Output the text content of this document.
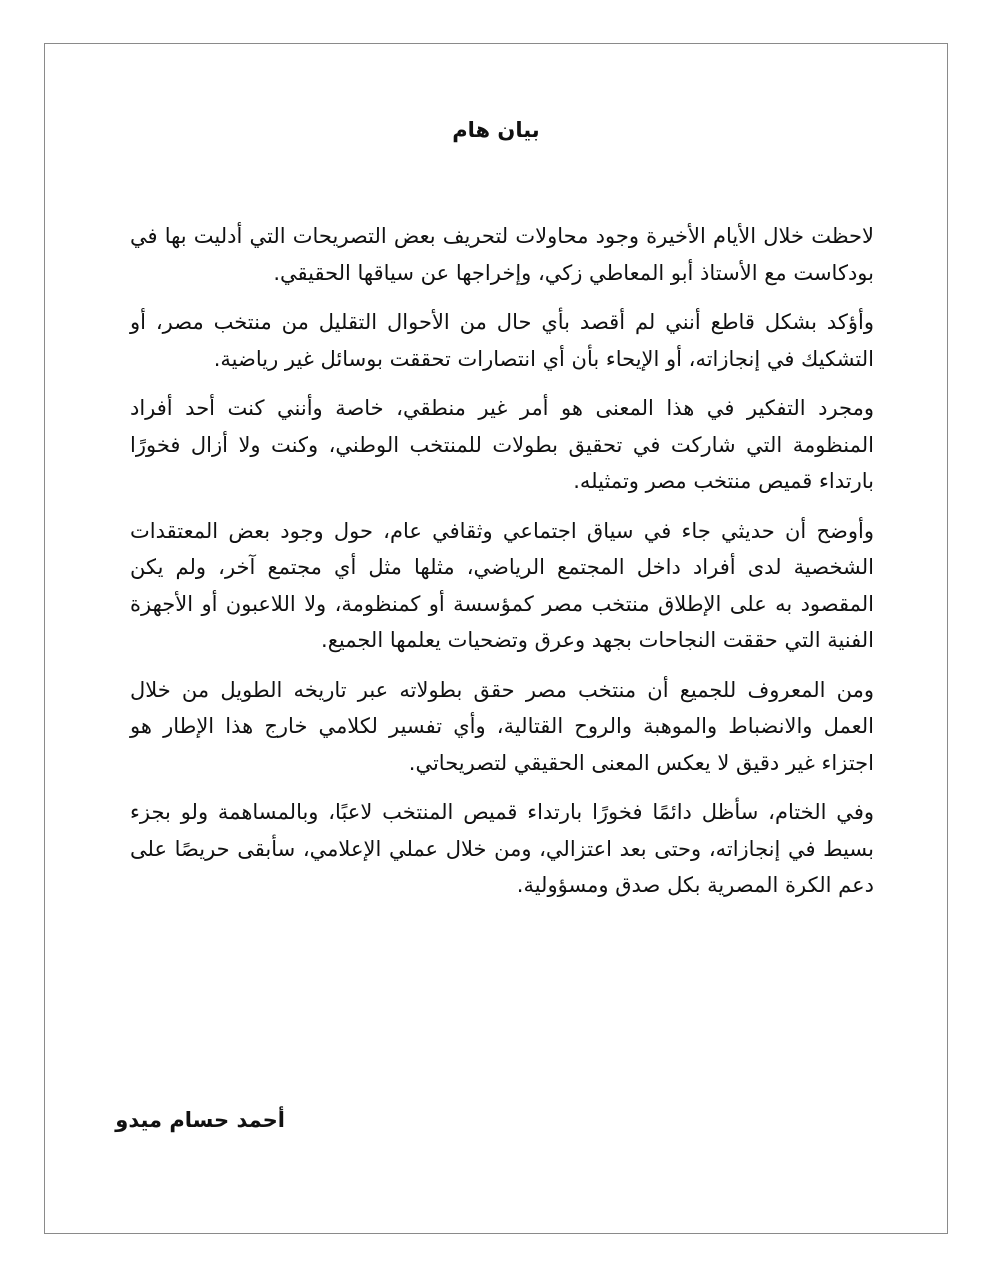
بيان هام

لاحظت خلال الأيام الأخيرة وجود محاولات لتحريف بعض التصريحات التي أدليت بها في بودكاست مع الأستاذ أبو المعاطي زكي، وإخراجها عن سياقها الحقيقي.

وأؤكد بشكل قاطع أنني لم أقصد بأي حال من الأحوال التقليل من منتخب مصر، أو التشكيك في إنجازاته، أو الإيحاء بأن أي انتصارات تحققت بوسائل غير رياضية.

ومجرد التفكير في هذا المعنى هو أمر غير منطقي، خاصة وأنني كنت أحد أفراد المنظومة التي شاركت في تحقيق بطولات للمنتخب الوطني، وكنت ولا أزال فخورًا بارتداء قميص منتخب مصر وتمثيله.

وأوضح أن حديثي جاء في سياق اجتماعي وثقافي عام، حول وجود بعض المعتقدات الشخصية لدى أفراد داخل المجتمع الرياضي، مثلها مثل أي مجتمع آخر، ولم يكن المقصود به على الإطلاق منتخب مصر كمؤسسة أو كمنظومة، ولا اللاعبون أو الأجهزة الفنية التي حققت النجاحات بجهد وعرق وتضحيات يعلمها الجميع.

ومن المعروف للجميع أن منتخب مصر حقق بطولاته عبر تاريخه الطويل من خلال العمل والانضباط والموهبة والروح القتالية، وأي تفسير لكلامي خارج هذا الإطار هو اجتزاء غير دقيق لا يعكس المعنى الحقيقي لتصريحاتي.

وفي الختام، سأظل دائمًا فخورًا بارتداء قميص المنتخب لاعبًا، وبالمساهمة ولو بجزء بسيط في إنجازاته، وحتى بعد اعتزالي، ومن خلال عملي الإعلامي، سأبقى حريصًا على دعم الكرة المصرية بكل صدق ومسؤولية.

أحمد حسام ميدو
